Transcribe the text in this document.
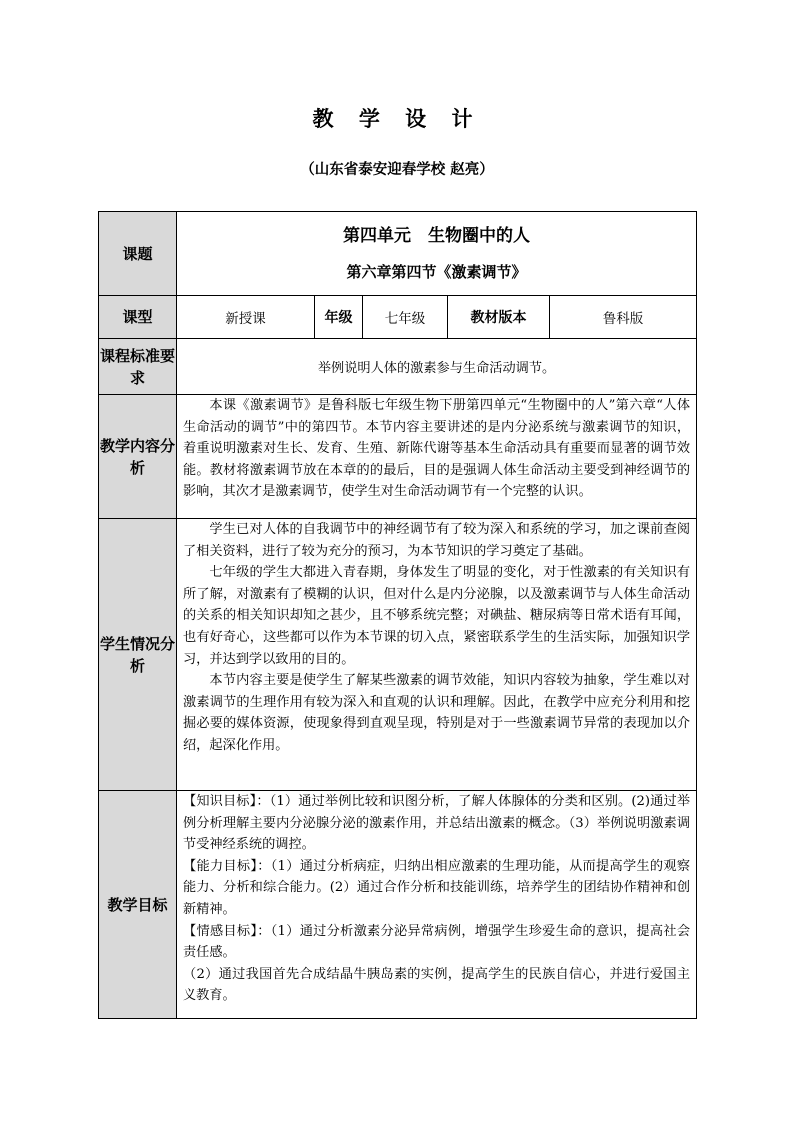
教 学 设 计
（山东省泰安迎春学校 赵亮）
课题	第四单元　生物圈中的人
第六章第四节《激素调节》				

课型	新授课	年级	七年级	教材版本	鲁科版
课程标准要求	举例说明人体的激素参与生命活动调节。				
教学内容分析	本课《激素调节》是鲁科版七年级生物下册第四单元“生物圈中的人”第六章“人体生命活动的调节”中的第四节。本节内容主要讲述的是内分泌系统与激素调节的知识，着重说明激素对生长、发育、生殖、新陈代谢等基本生命活动具有重要而显著的调节效能。教材将激素调节放在本章的的最后，目的是强调人体生命活动主要受到神经调节的影响，其次才是激素调节，使学生对生命活动调节有一个完整的认识。				

学生情况分析	学生已对人体的自我调节中的神经调节有了较为深入和系统的学习，加之课前查阅了相关资料，进行了较为充分的预习，为本节知识的学习奠定了基础。

七年级的学生大都进入青春期，身体发生了明显的变化，对于性激素的有关知识有所了解，对激素有了模糊的认识，但对什么是内分泌腺，以及激素调节与人体生命活动的关系的相关知识却知之甚少，且不够系统完整；对碘盐、糖尿病等日常术语有耳闻，也有好奇心，这些都可以作为本节课的切入点，紧密联系学生的生活实际，加强知识学习，并达到学以致用的目的。

本节内容主要是使学生了解某些激素的调节效能，知识内容较为抽象，学生难以对激素调节的生理作用有较为深入和直观的认识和理解。因此，在教学中应充分利用和挖掘必要的媒体资源，使现象得到直观呈现，特别是对于一些激素调节异常的表现加以介绍，起深化作用。				

教学目标	【知识目标】：（1）通过举例比较和识图分析，了解人体腺体的分类和区别。(2)通过举例分析理解主要内分泌腺分泌的激素作用，并总结出激素的概念。（3）举例说明激素调节受神经系统的调控。

【能力目标】：（1）通过分析病症，归纳出相应激素的生理功能，从而提高学生的观察能力、分析和综合能力。(2）通过合作分析和技能训练，培养学生的团结协作精神和创新精神。

【情感目标】：（1）通过分析激素分泌异常病例，增强学生珍爱生命的意识，提高社会责任感。

（2）通过我国首先合成结晶牛胰岛素的实例，提高学生的民族自信心，并进行爱国主义教育。				
